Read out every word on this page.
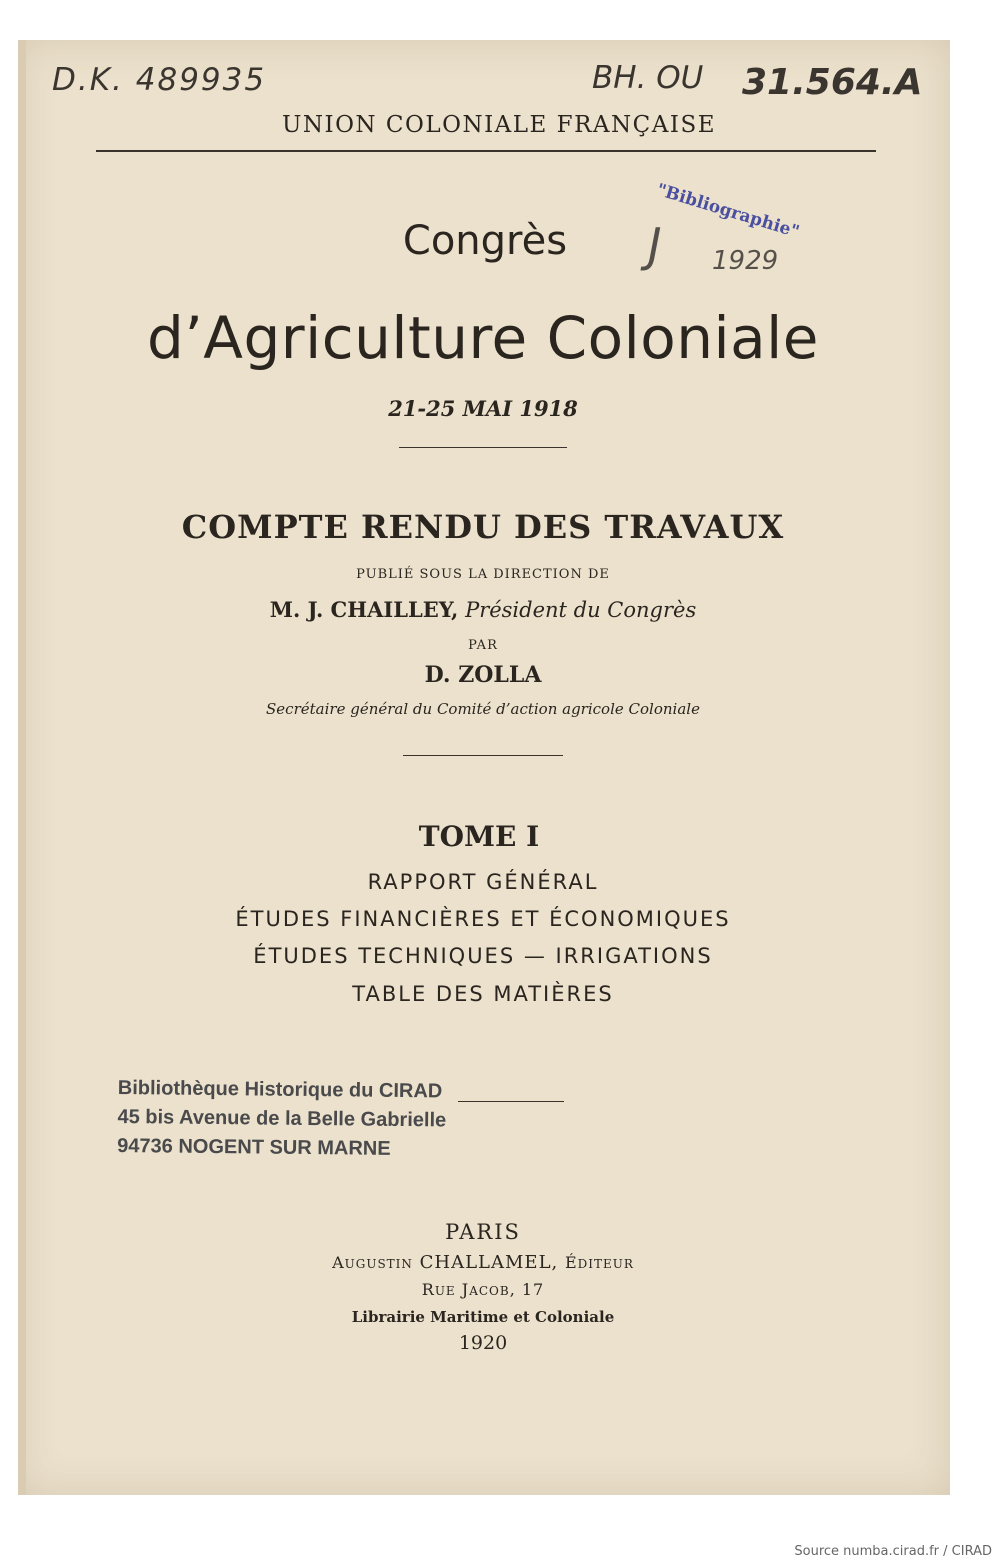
D.K. 489935	BH. OU 31.564.A
UNION COLONIALE FRANÇAISE
"Bibliographie"
J 1929
Congrès
d’Agriculture Coloniale
21-25 MAI 1918
COMPTE RENDU DES TRAVAUX
PUBLIÉ SOUS LA DIRECTION DE
M. J. CHAILLEY, Président du Congrès
PAR
D. ZOLLA
Secrétaire général du Comité d’action agricole Coloniale
TOME I
RAPPORT GÉNÉRAL
ÉTUDES FINANCIÈRES ET ÉCONOMIQUES
ÉTUDES TECHNIQUES — IRRIGATIONS
TABLE DES MATIÈRES
Bibliothèque Historique du CIRAD
45 bis Avenue de la Belle Gabrielle
94736 NOGENT SUR MARNE
PARIS
AUGUSTIN CHALLAMEL, ÉDITEUR
RUE JACOB, 17
Librairie Maritime et Coloniale
1920
Source numba.cirad.fr / CIRAD
